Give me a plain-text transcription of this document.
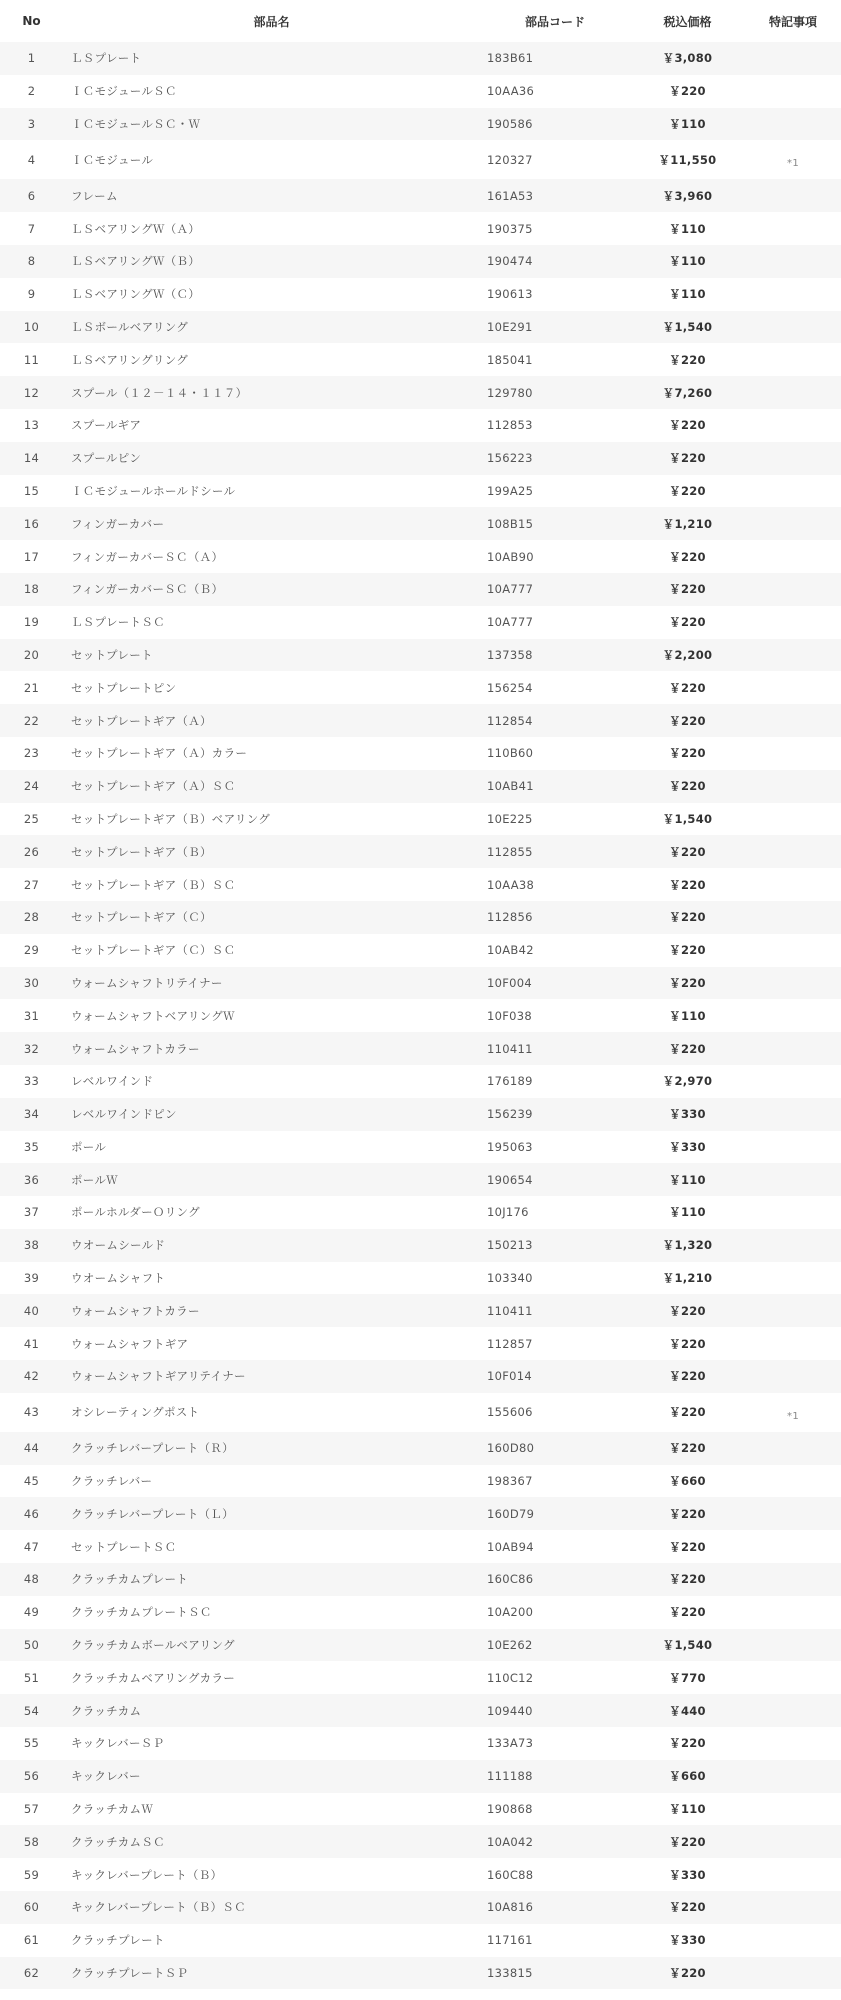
No	部品名	部品コード	税込価格	特記事項
1	ＬＳプレート	183B61	￥3,080	
2	ＩＣモジュールＳＣ	10AA36	￥220	
3	ＩＣモジュールＳＣ・Ｗ	190586	￥110	
4	ＩＣモジュール	120327	￥11,550	*1
6	フレーム	161A53	￥3,960	
7	ＬＳベアリングＷ（Ａ）	190375	￥110	
8	ＬＳベアリングＷ（Ｂ）	190474	￥110	
9	ＬＳベアリングＷ（Ｃ）	190613	￥110	
10	ＬＳボールベアリング	10E291	￥1,540	
11	ＬＳベアリングリング	185041	￥220	
12	スプール（１２－１４・１１７）	129780	￥7,260	
13	スプールギア	112853	￥220	
14	スプールピン	156223	￥220	
15	ＩＣモジュールホールドシール	199A25	￥220	
16	フィンガーカバー	108B15	￥1,210	
17	フィンガーカバーＳＣ（Ａ）	10AB90	￥220	
18	フィンガーカバーＳＣ（Ｂ）	10A777	￥220	
19	ＬＳプレートＳＣ	10A777	￥220	
20	セットプレート	137358	￥2,200	
21	セットプレートピン	156254	￥220	
22	セットプレートギア（Ａ）	112854	￥220	
23	セットプレートギア（Ａ）カラー	110B60	￥220	
24	セットプレートギア（Ａ）ＳＣ	10AB41	￥220	
25	セットプレートギア（Ｂ）ベアリング	10E225	￥1,540	
26	セットプレートギア（Ｂ）	112855	￥220	
27	セットプレートギア（Ｂ）ＳＣ	10AA38	￥220	
28	セットプレートギア（Ｃ）	112856	￥220	
29	セットプレートギア（Ｃ）ＳＣ	10AB42	￥220	
30	ウォームシャフトリテイナー	10F004	￥220	
31	ウォームシャフトベアリングＷ	10F038	￥110	
32	ウォームシャフトカラー	110411	￥220	
33	レベルワインド	176189	￥2,970	
34	レベルワインドピン	156239	￥330	
35	ポール	195063	￥330	
36	ポールＷ	190654	￥110	
37	ポールホルダーＯリング	10J176	￥110	
38	ウオームシールド	150213	￥1,320	
39	ウオームシャフト	103340	￥1,210	
40	ウォームシャフトカラー	110411	￥220	
41	ウォームシャフトギア	112857	￥220	
42	ウォームシャフトギアリテイナー	10F014	￥220	
43	オシレーティングポスト	155606	￥220	*1
44	クラッチレバープレート（Ｒ）	160D80	￥220	
45	クラッチレバー	198367	￥660	
46	クラッチレバープレート（Ｌ）	160D79	￥220	
47	セットプレートＳＣ	10AB94	￥220	
48	クラッチカムプレート	160C86	￥220	
49	クラッチカムプレートＳＣ	10A200	￥220	
50	クラッチカムボールベアリング	10E262	￥1,540	
51	クラッチカムベアリングカラー	110C12	￥770	
54	クラッチカム	109440	￥440	
55	キックレバーＳＰ	133A73	￥220	
56	キックレバー	111188	￥660	
57	クラッチカムＷ	190868	￥110	
58	クラッチカムＳＣ	10A042	￥220	
59	キックレバープレート（Ｂ）	160C88	￥330	
60	キックレバープレート（Ｂ）ＳＣ	10A816	￥220	
61	クラッチプレート	117161	￥330	
62	クラッチプレートＳＰ	133815	￥220	
